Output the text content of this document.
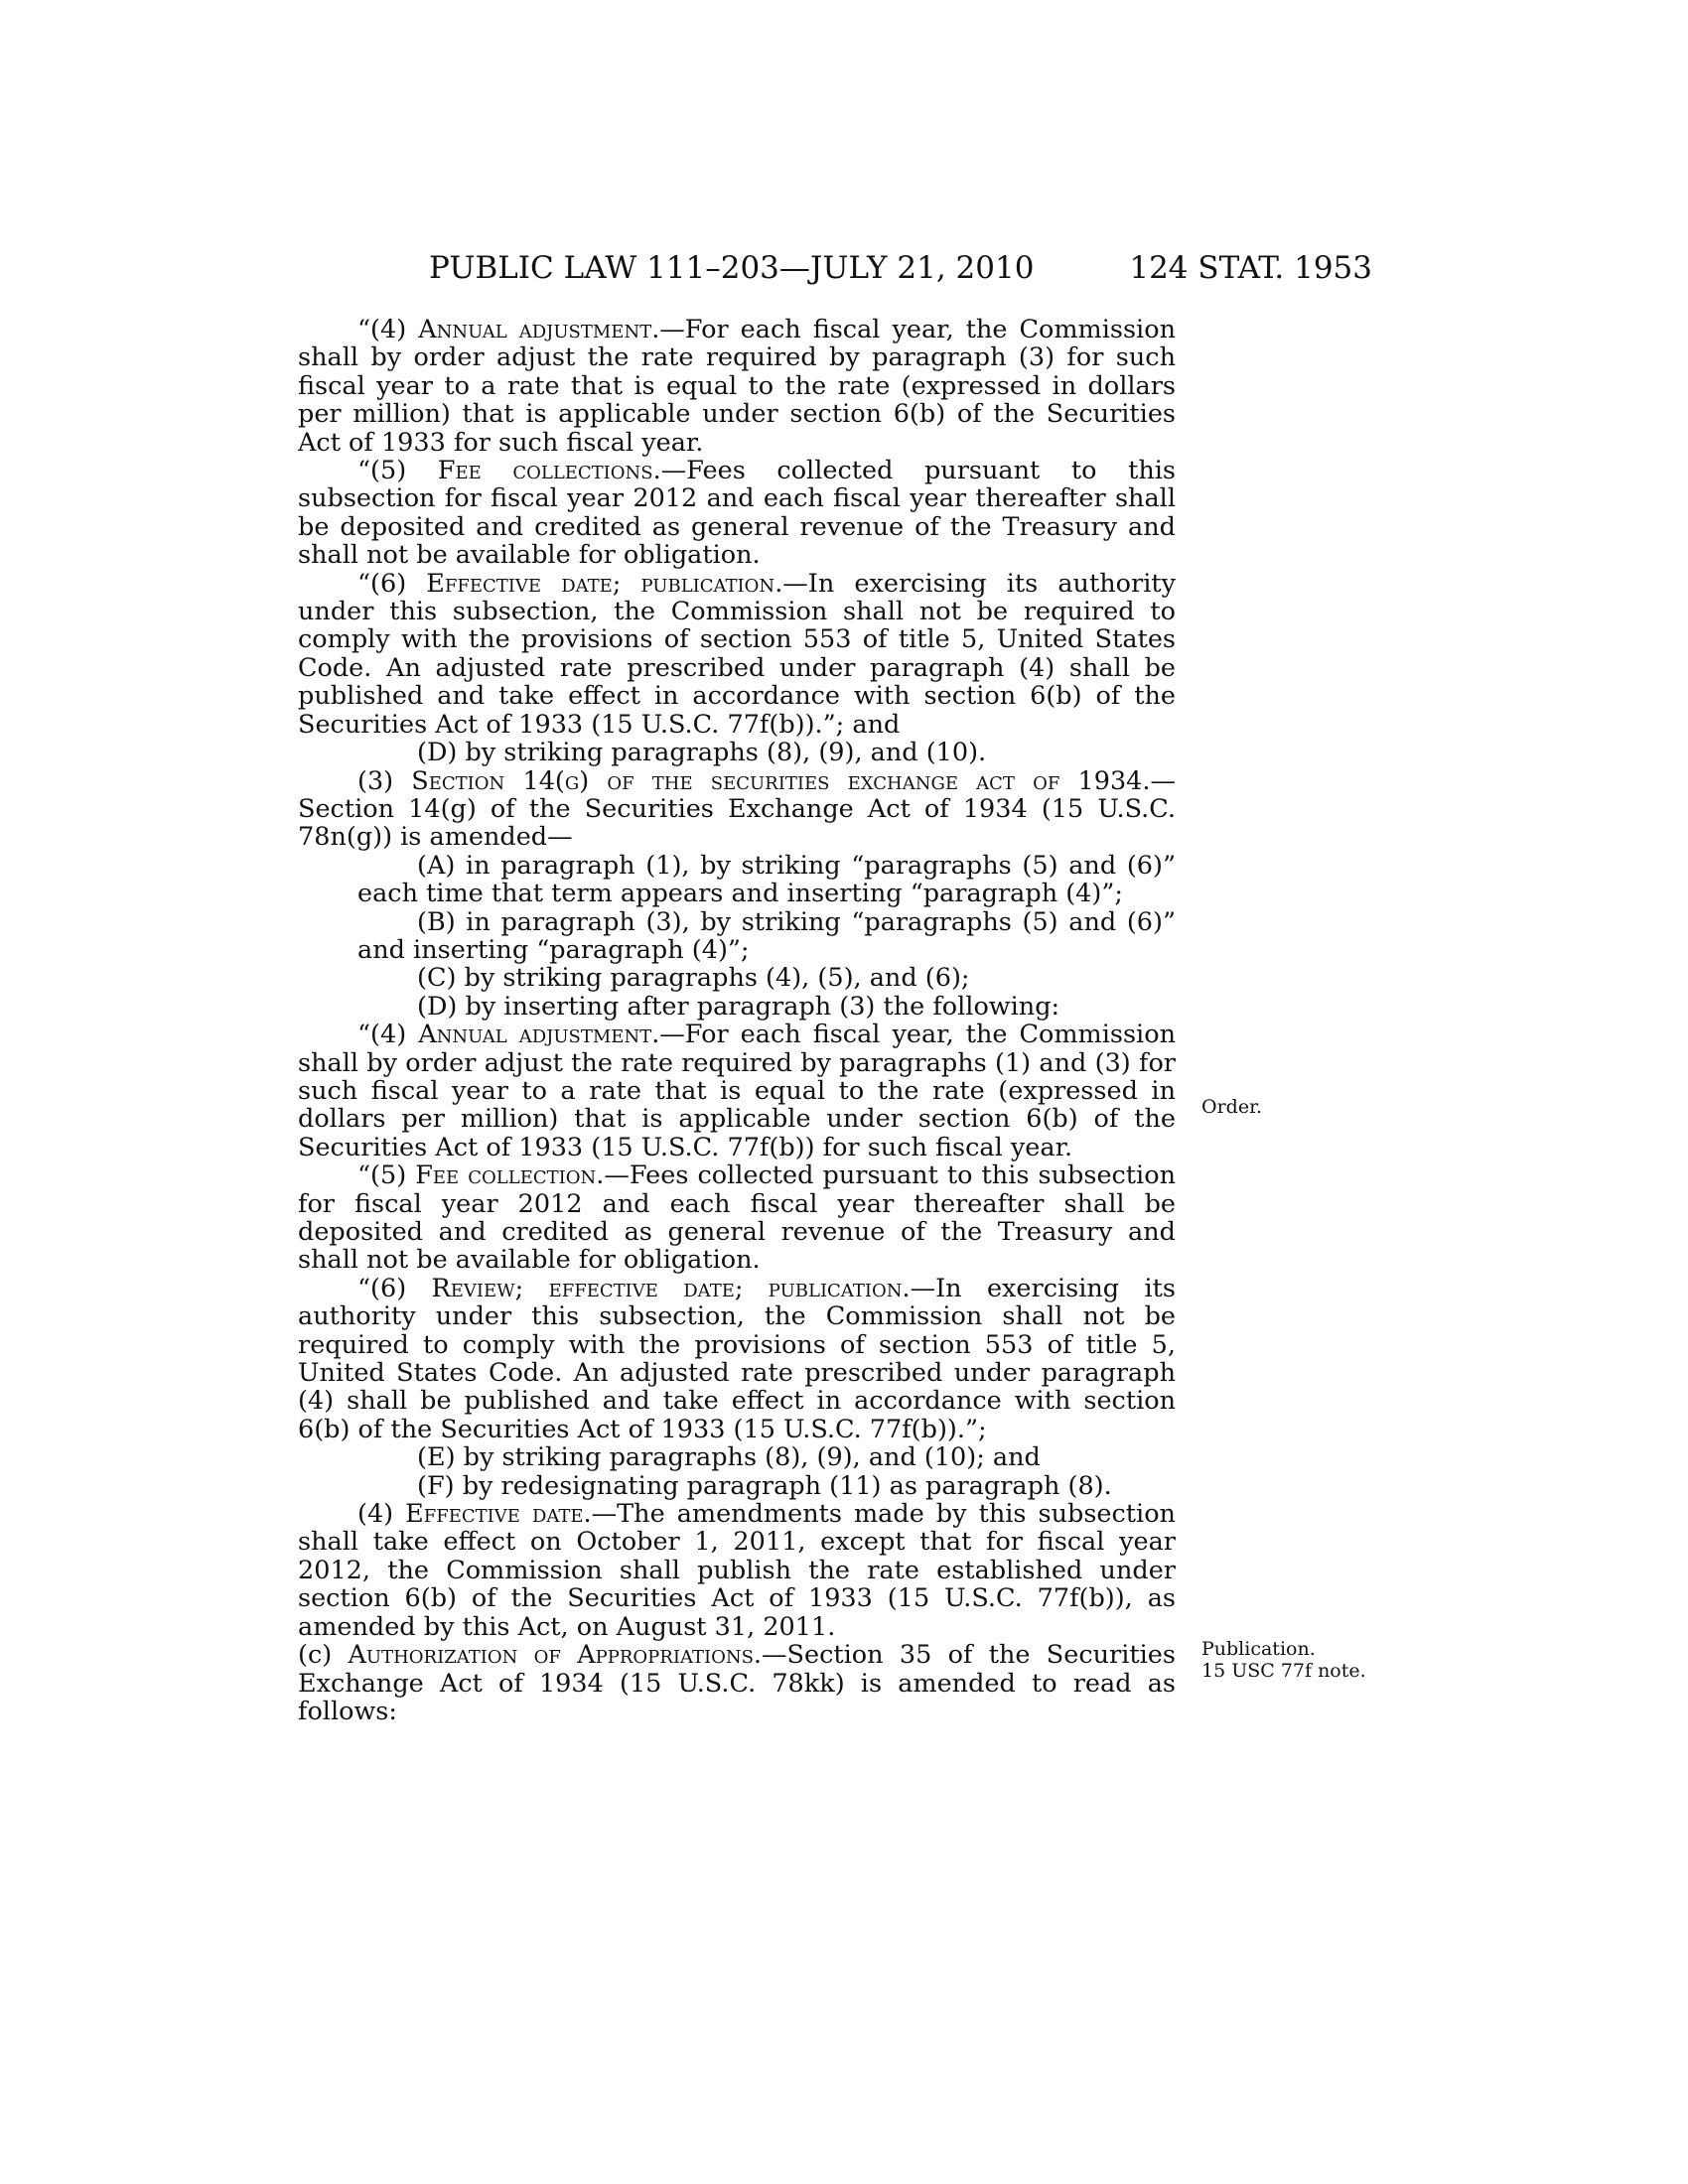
PUBLIC LAW 111–203—JULY 21, 2010	124 STAT. 1953
Order.
Publication.
15 USC 77f note.

“(4) Annual adjustment.—For each fiscal year, the Commission shall by order adjust the rate required by paragraph (3) for such fiscal year to a rate that is equal to the rate (expressed in dollars per million) that is applicable under section 6(b) of the Securities Act of 1933 for such fiscal year.

“(5) Fee collections.—Fees collected pursuant to this subsection for fiscal year 2012 and each fiscal year thereafter shall be deposited and credited as general revenue of the Treasury and shall not be available for obligation.

“(6) Effective date; publication.—In exercising its authority under this subsection, the Commission shall not be required to comply with the provisions of section 553 of title 5, United States Code. An adjusted rate prescribed under paragraph (4) shall be published and take effect in accordance with section 6(b) of the Securities Act of 1933 (15 U.S.C. 77f(b)).”; and

(D) by striking paragraphs (8), (9), and (10).

(3) Section 14(g) of the securities exchange act of 1934.—Section 14(g) of the Securities Exchange Act of 1934 (15 U.S.C. 78n(g)) is amended—

(A) in paragraph (1), by striking “paragraphs (5) and (6)” each time that term appears and inserting “paragraph (4)”;

(B) in paragraph (3), by striking “paragraphs (5) and (6)” and inserting “paragraph (4)”;

(C) by striking paragraphs (4), (5), and (6);

(D) by inserting after paragraph (3) the following:

“(4) Annual adjustment.—For each fiscal year, the Commission shall by order adjust the rate required by paragraphs (1) and (3) for such fiscal year to a rate that is equal to the rate (expressed in dollars per million) that is applicable under section 6(b) of the Securities Act of 1933 (15 U.S.C. 77f(b)) for such fiscal year.

“(5) Fee collection.—Fees collected pursuant to this subsection for fiscal year 2012 and each fiscal year thereafter shall be deposited and credited as general revenue of the Treasury and shall not be available for obligation.

“(6) Review; effective date; publication.—In exercising its authority under this subsection, the Commission shall not be required to comply with the provisions of section 553 of title 5, United States Code. An adjusted rate prescribed under paragraph (4) shall be published and take effect in accordance with section 6(b) of the Securities Act of 1933 (15 U.S.C. 77f(b)).”;

(E) by striking paragraphs (8), (9), and (10); and

(F) by redesignating paragraph (11) as paragraph (8).

(4) Effective date.—The amendments made by this subsection shall take effect on October 1, 2011, except that for fiscal year 2012, the Commission shall publish the rate established under section 6(b) of the Securities Act of 1933 (15 U.S.C. 77f(b)), as amended by this Act, on August 31, 2011.

(c) Authorization of Appropriations.—Section 35 of the Securities Exchange Act of 1934 (15 U.S.C. 78kk) is amended to read as follows:
